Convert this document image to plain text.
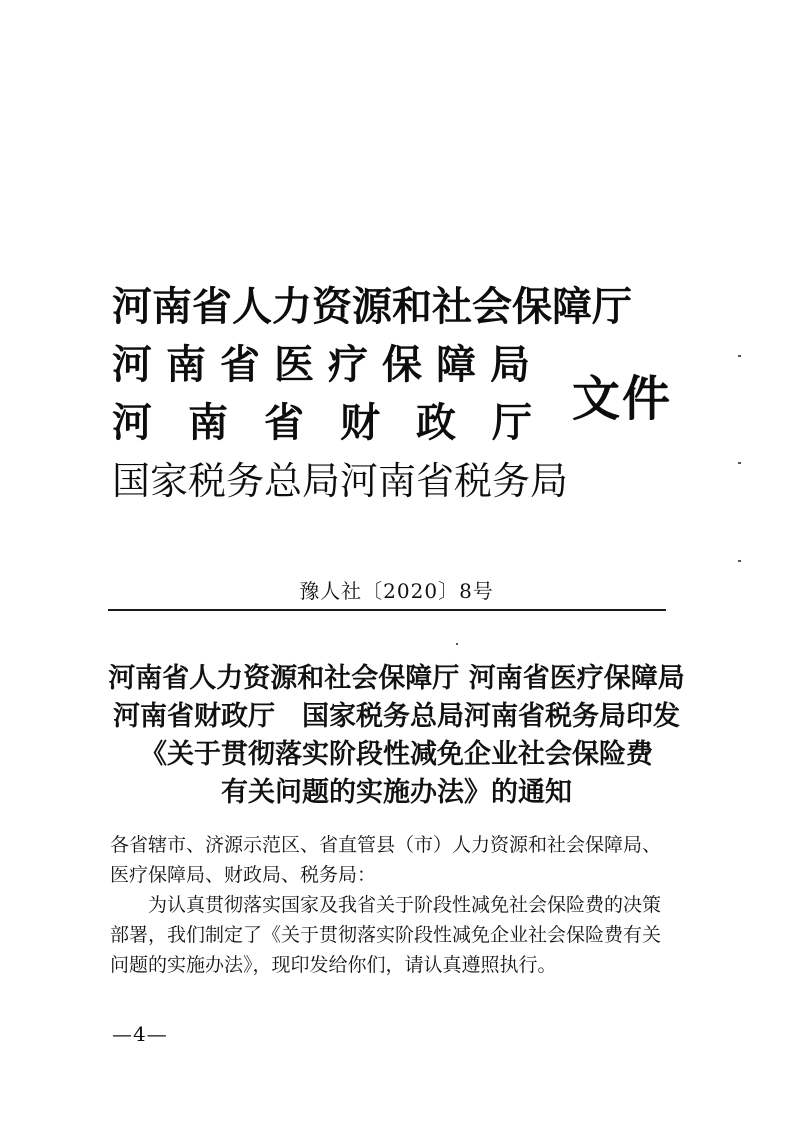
河南省人力资源和社会保障厅
河南省医疗保障局
河南省财政厅
国家税务总局河南省税务局
文件
豫人社〔2020〕8号
河南省人力资源和社会保障厅 河南省医疗保障局
河南省财政厅　国家税务总局河南省税务局印发
《关于贯彻落实阶段性减免企业社会保险费
有关问题的实施办法》的通知

各省辖市、济源示范区、省直管县（市）人力资源和社会保障局、医疗保障局、财政局、税务局：

为认真贯彻落实国家及我省关于阶段性减免社会保险费的决策部署，我们制定了《关于贯彻落实阶段性减免企业社会保险费有关问题的实施办法》，现印发给你们，请认真遵照执行。

—4—
